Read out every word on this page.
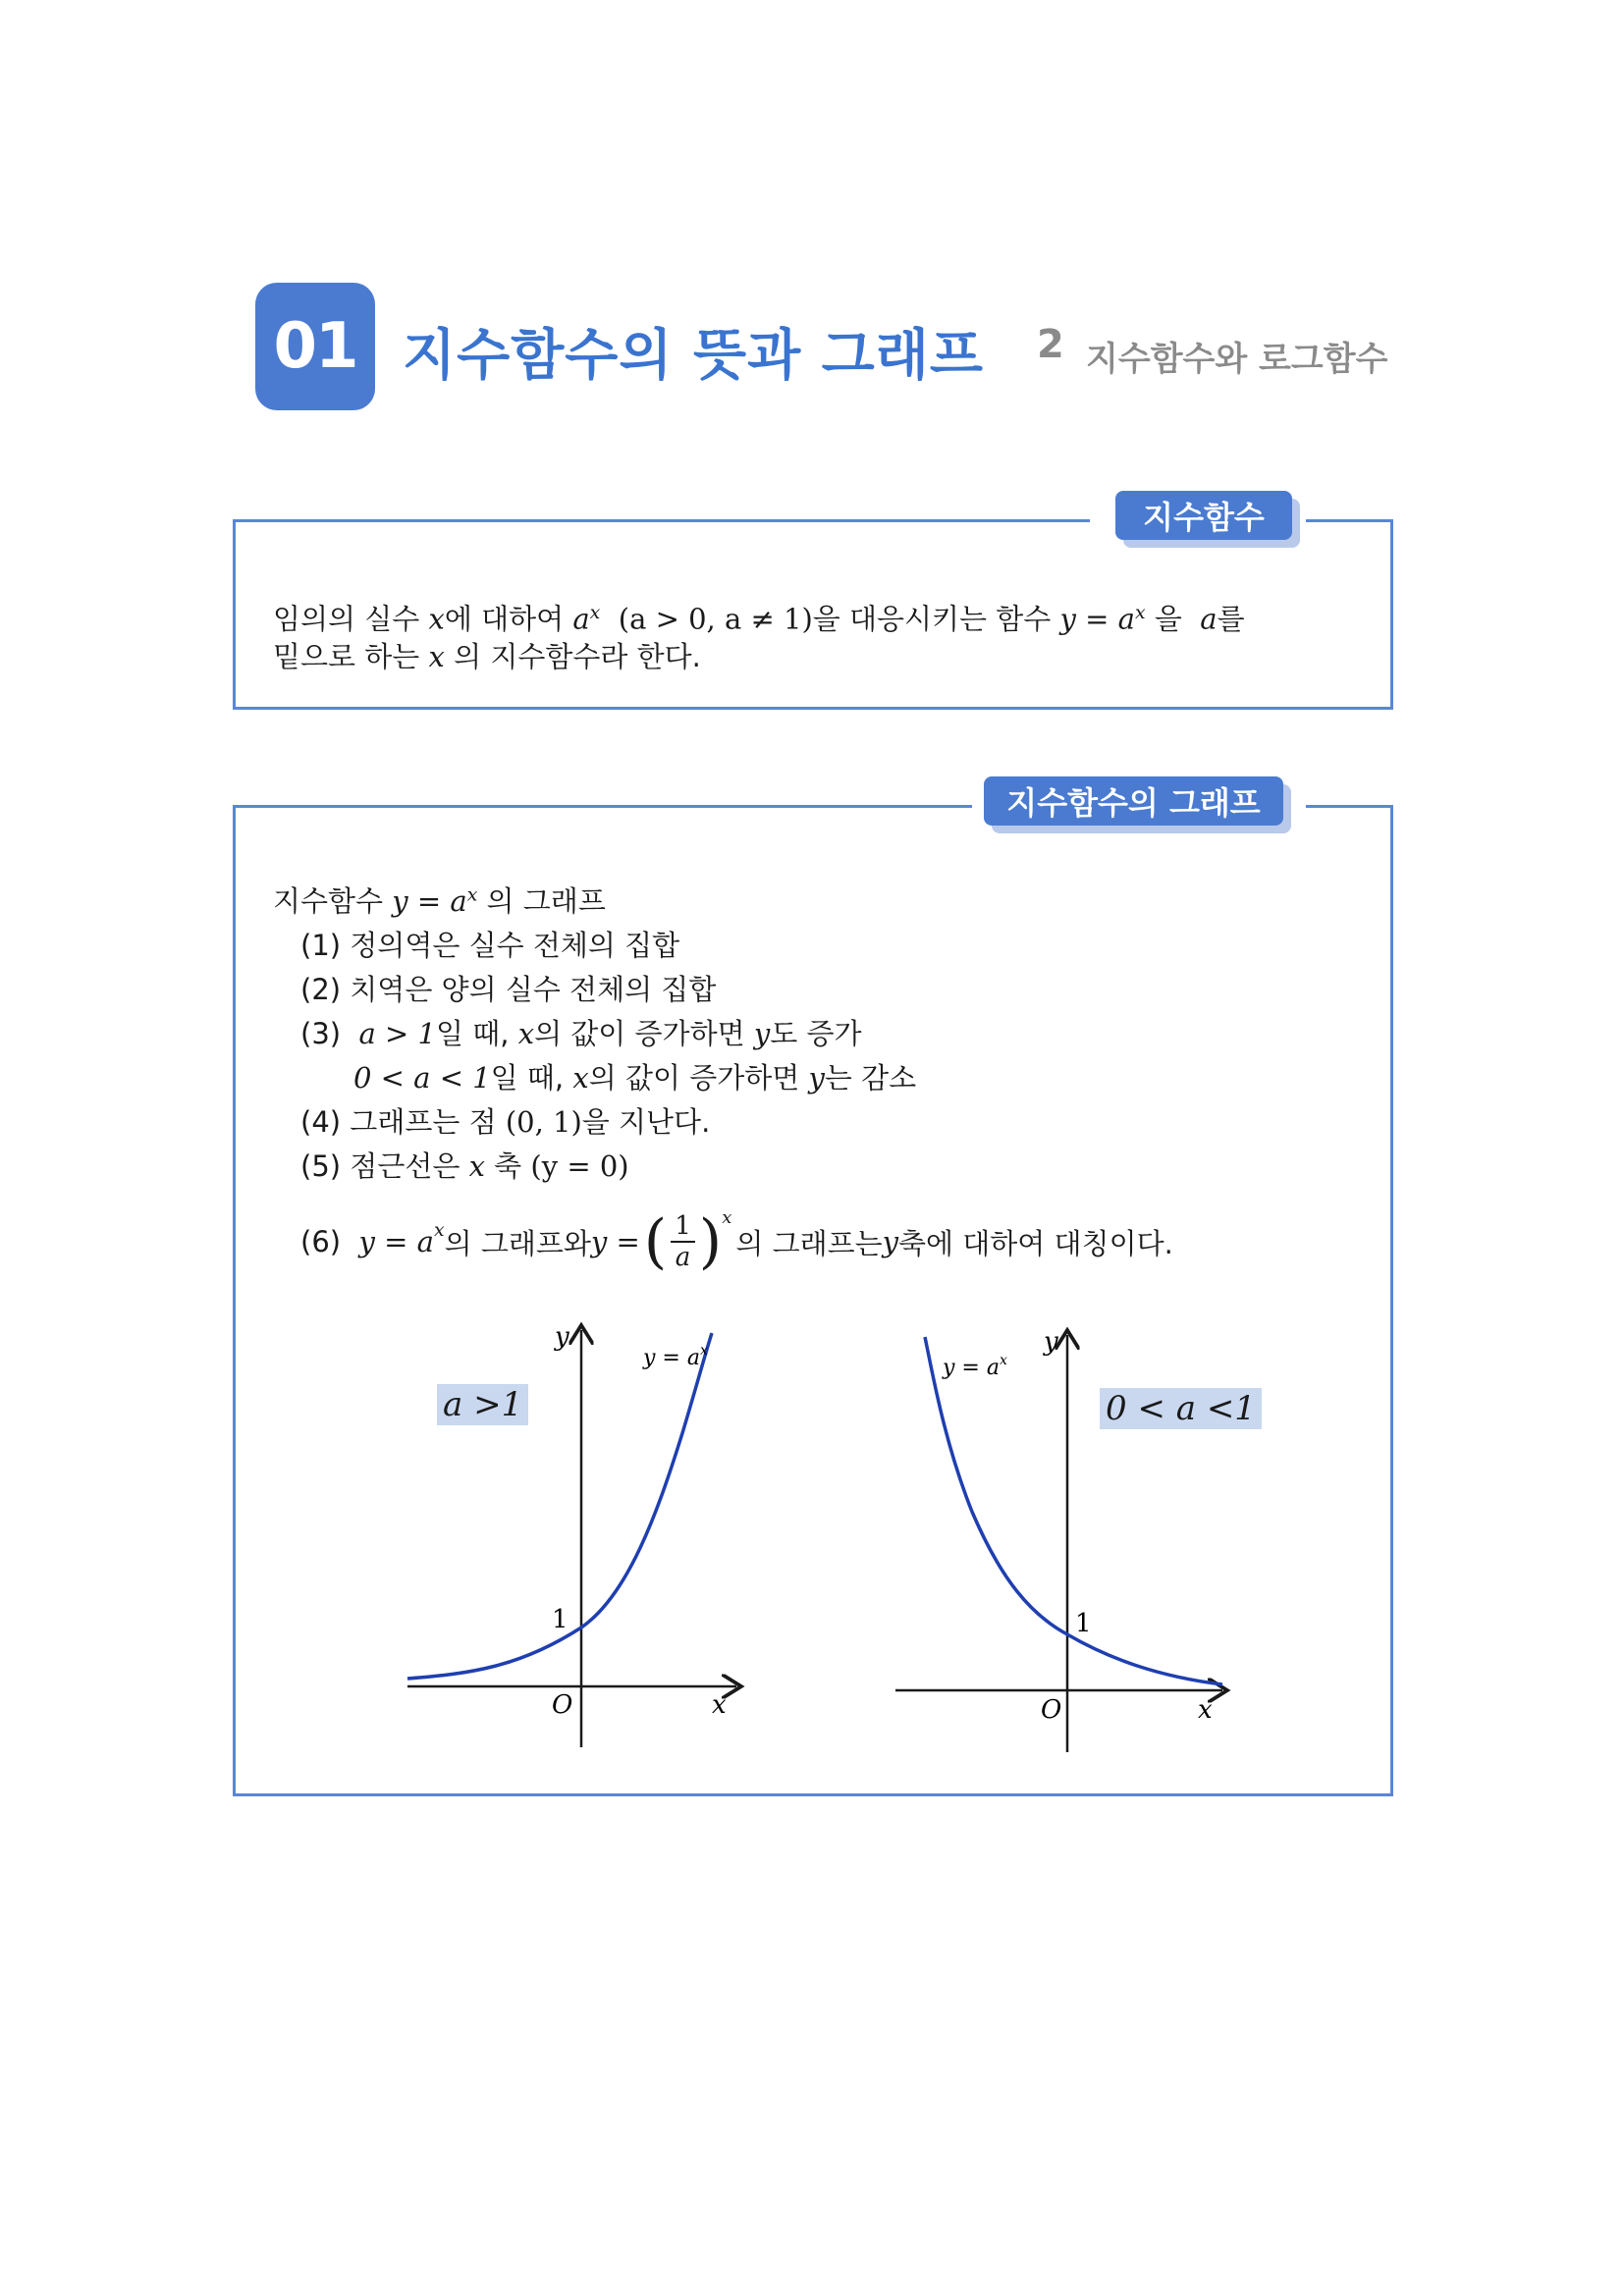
01 지수함수의 뜻과 그래프 2 지수함수와 로그함수
지수함수
임의의 실수 x에 대하여 $a^x$ (a > 0, a ≠ 1)을 대응시키는 함수 $y = a^x$ 을  a를
밑으로 하는 x 의 지수함수라 한다.
지수함수의 그래프
지수함수 $y = a^x$ 의 그래프
(1) 정의역은 실수 전체의 집합
(2) 치역은 양의 실수 전체의 집합
(3) a > 1일 때, x의 값이 증가하면 y도 증가
0 < a < 1일 때, x의 값이 증가하면 y는 감소
(4) 그래프는 점 (0, 1)을 지난다.
(5) 점근선은 x 축 (y = 0)
(6)
$y = a^x$ 의 그래프와 y = ( $\frac{1}{a}$ ) x
의 그래프는 y 축에 대하여 대칭이다.
a >1
y
x
O
1
$y = a^x$
0 < a <1
y
x
O
1
$y = a^x$
